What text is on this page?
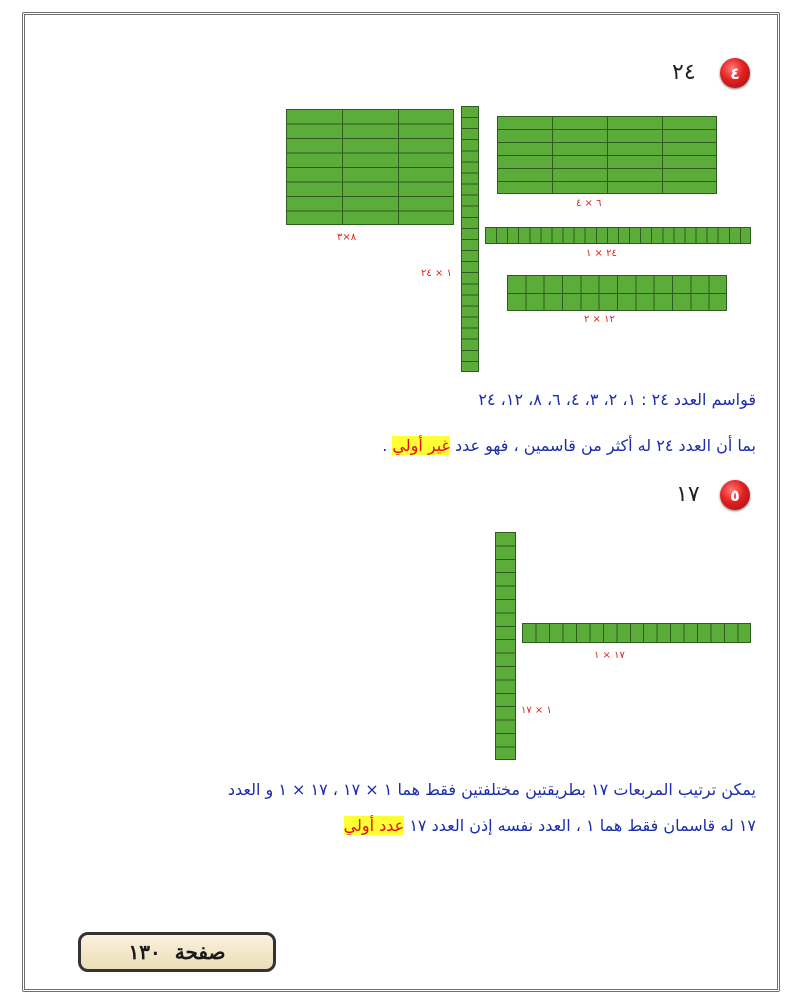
٤
٢٤
٨×٣
١ × ٢٤
٦ × ٤
٢٤ × ١
١٢ × ٢
قواسم العدد ٢٤ : ١، ٢، ٣، ٤، ٦، ٨، ١٢، ٢٤
بما أن العدد ٢٤ له أكثر من قاسمين ، فهو عدد غير أولي .
٥
١٧
١ × ١٧
١٧ × ١
يمكن ترتيب المربعات ١٧ بطريقتين مختلفتين فقط هما ١ × ١٧ ، ١٧ × ١ و العدد
١٧ له قاسمان فقط هما ١ ، العدد نفسه إذن العدد ١٧ عدد أولي
صفحة

١٣٠
